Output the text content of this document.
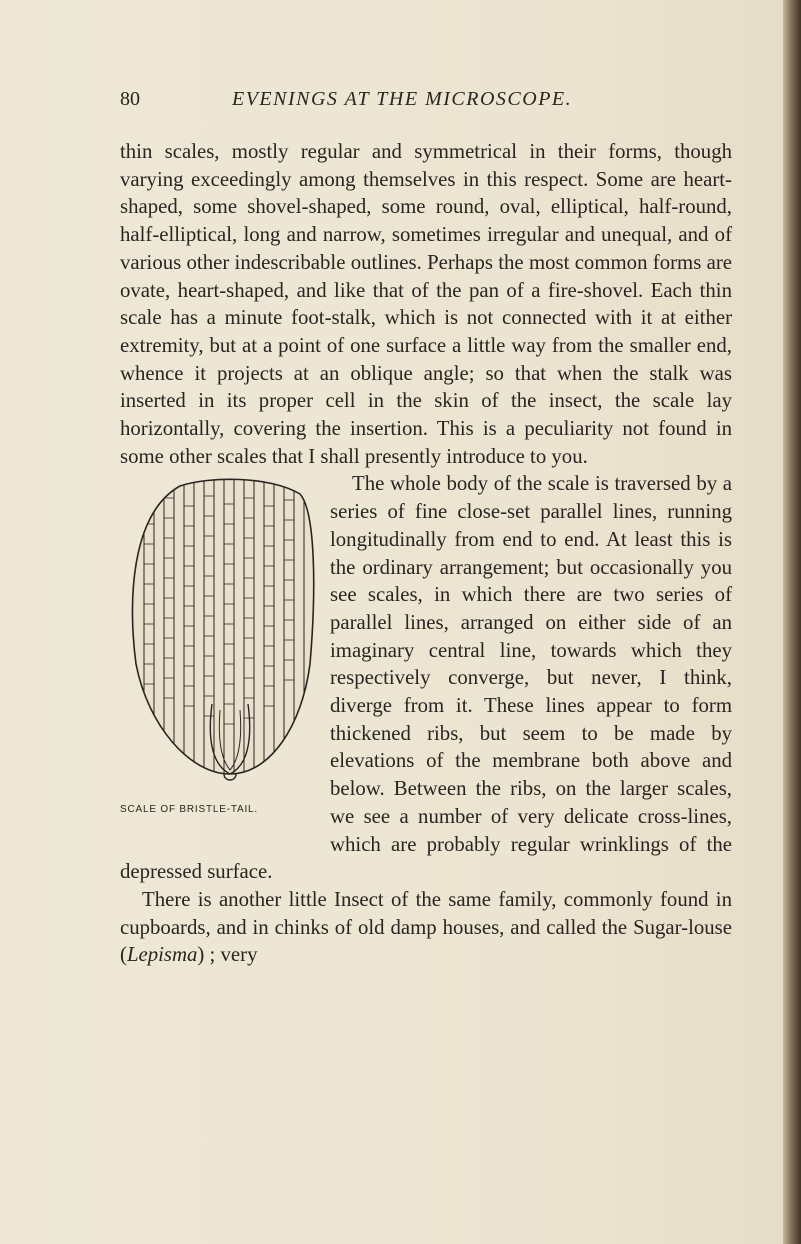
80	EVENINGS AT THE MICROSCOPE.

thin scales, mostly regular and symmetrical in their forms, though varying exceedingly among themselves in this respect. Some are heart-shaped, some shovel-shaped, some round, oval, elliptical, half-round, half-elliptical, long and narrow, sometimes irregular and unequal, and of various other indescribable outlines. Perhaps the most common forms are ovate, heart-shaped, and like that of the pan of a fire-shovel. Each thin scale has a minute foot-stalk, which is not connected with it at either extremity, but at a point of one surface a little way from the smaller end, whence it projects at an oblique angle; so that when the stalk was inserted in its proper cell in the skin of the insect, the scale lay horizontally, covering the insertion. This is a peculiarity not found in some other scales that I shall presently introduce to you.

SCALE OF BRISTLE-TAIL.

The whole body of the scale is traversed by a series of fine close-set parallel lines, running longitudinally from end to end. At least this is the ordinary arrangement; but occasionally you see scales, in which there are two series of parallel lines, arranged on either side of an imaginary central line, towards which they respectively converge, but never, I think, diverge from it. These lines appear to form thickened ribs, but seem to be made by elevations of the membrane both above and below. Between the ribs, on the larger scales, we see a number of very delicate cross-lines, which are probably regular wrinklings of the depressed surface.

There is another little Insect of the same family, commonly found in cupboards, and in chinks of old damp houses, and called the Sugar-louse (Lepisma) ; very
